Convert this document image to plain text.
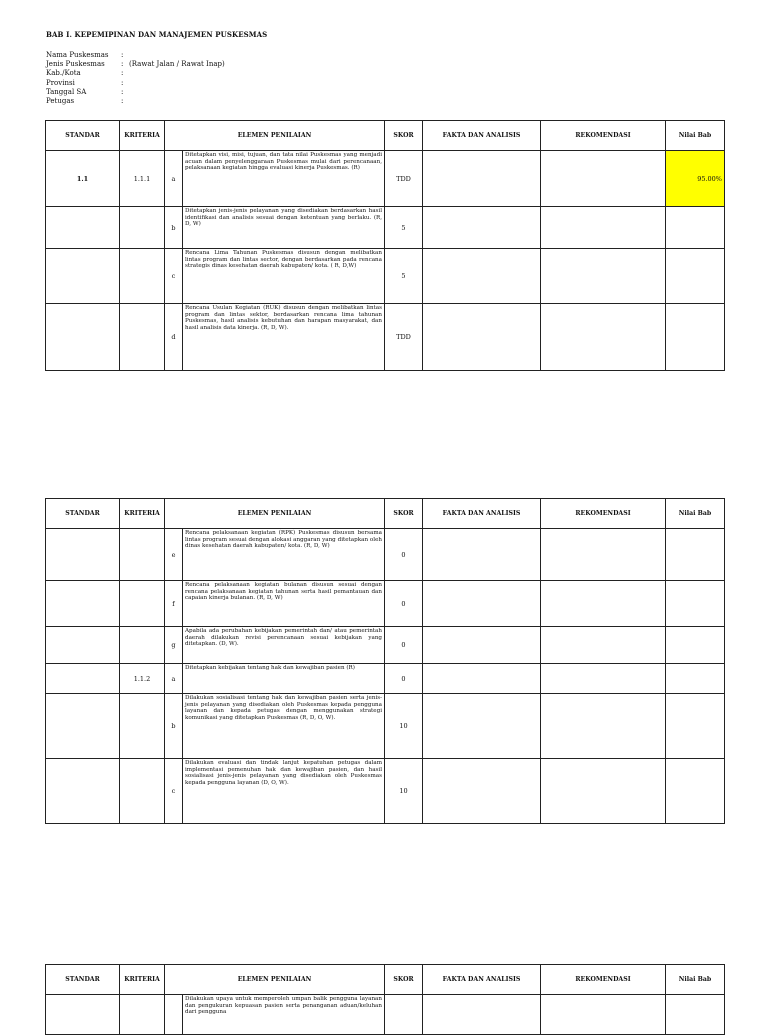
BAB I. KEPEMIPINAN DAN MANAJEMEN PUSKESMAS
Nama Puskesmas	:
Jenis Puskesmas	: (Rawat Jalan / Rawat Inap)
Kab./Kota	:
Provinsi	:
Tanggal SA	:
Petugas	:
STANDAR	KRITERIA	ELEMEN PENILAIAN		SKOR	FAKTA DAN ANALISIS	REKOMENDASI	Nilai Bab
1.1	1.1.1	a	Ditetapkan visi, misi, tujuan, dan tata nilai Puskesmas yang menjadi acuan dalam penyelenggaraan Puskesmas mulai dari perencanaan, pelaksanaan kegiatan hingga evaluasi kinerja Puskesmas. (R)	TDD			95.00%
		b	Ditetapkan jenis-jenis pelayanan yang disediakan berdasarkan hasil identifikasi dan analisis sesuai dengan ketentuan yang berlaku. (R, D, W)	5			
		c	Rencana Lima Tahunan Puskesmas disusun dengan melibatkan lintas program dan lintas sector, dengan berdasarkan pada rencana strategis dinas kesehatan daerah kabupaten/ kota. ( R, D,W)	5			
		d	Rencana Usulan Kegiatan (RUK) disusun dengan melibatkan lintas program dan lintas sektor, berdasarkan rencana lima tahunan Puskesmas, hasil analisis kebutuhan dan harapan masyarakat, dan hasil analisis data kinerja. (R, D, W).	TDD			
STANDAR	KRITERIA	ELEMEN PENILAIAN		SKOR	FAKTA DAN ANALISIS	REKOMENDASI	Nilai Bab
		e	Rencana pelaksanaan kegiatan (RPK) Puskesmas disusun bersama lintas program sesuai dengan alokasi anggaran yang ditetapkan oleh dinas kesehatan daerah kabupaten/ kota. (R, D, W)	0			
		f	Rencana pelaksanaan kegiatan bulanan disusun sesuai dengan rencana pelaksanaan kegiatan tahunan serta hasil pemantauan dan capaian kinerja bulanan. (R, D, W)	0			
		g	Apabila ada perubahan kebijakan pemerintah dan/ atau pemerintah daerah dilakukan revisi perencanaan sesuai kebijakan yang ditetapkan. (D, W).	0			
	1.1.2	a	Ditetapkan kebijakan tentang hak dan kewajiban pasien (R)	0			
		b	Dilakukan sosialisasi tentang hak dan kewajiban pasien serta jenis-jenis pelayanan yang disediakan oleh Puskesmas kepada pengguna layanan dan kepada petugas dengan menggunakan strategi komunikasi yang ditetapkan Puskesmas (R, D, O, W).	10			
		c	Dilakukan evaluasi dan tindak lanjut kepatuhan petugas dalam implementasi pemenuhan hak dan kewajiban pasien, dan hasil sosialisasi jenis-jenis pelayanan yang disediakan oleh Puskesmas kepada pengguna layanan (D, O, W).	10			
STANDAR	KRITERIA	ELEMEN PENILAIAN		SKOR	FAKTA DAN ANALISIS	REKOMENDASI	Nilai Bab
			Dilakukan upaya untuk memperoleh umpan balik pengguna layanan dan pengukuran kepuasan pasien serta penanganan aduan/keluhan dari pengguna				
